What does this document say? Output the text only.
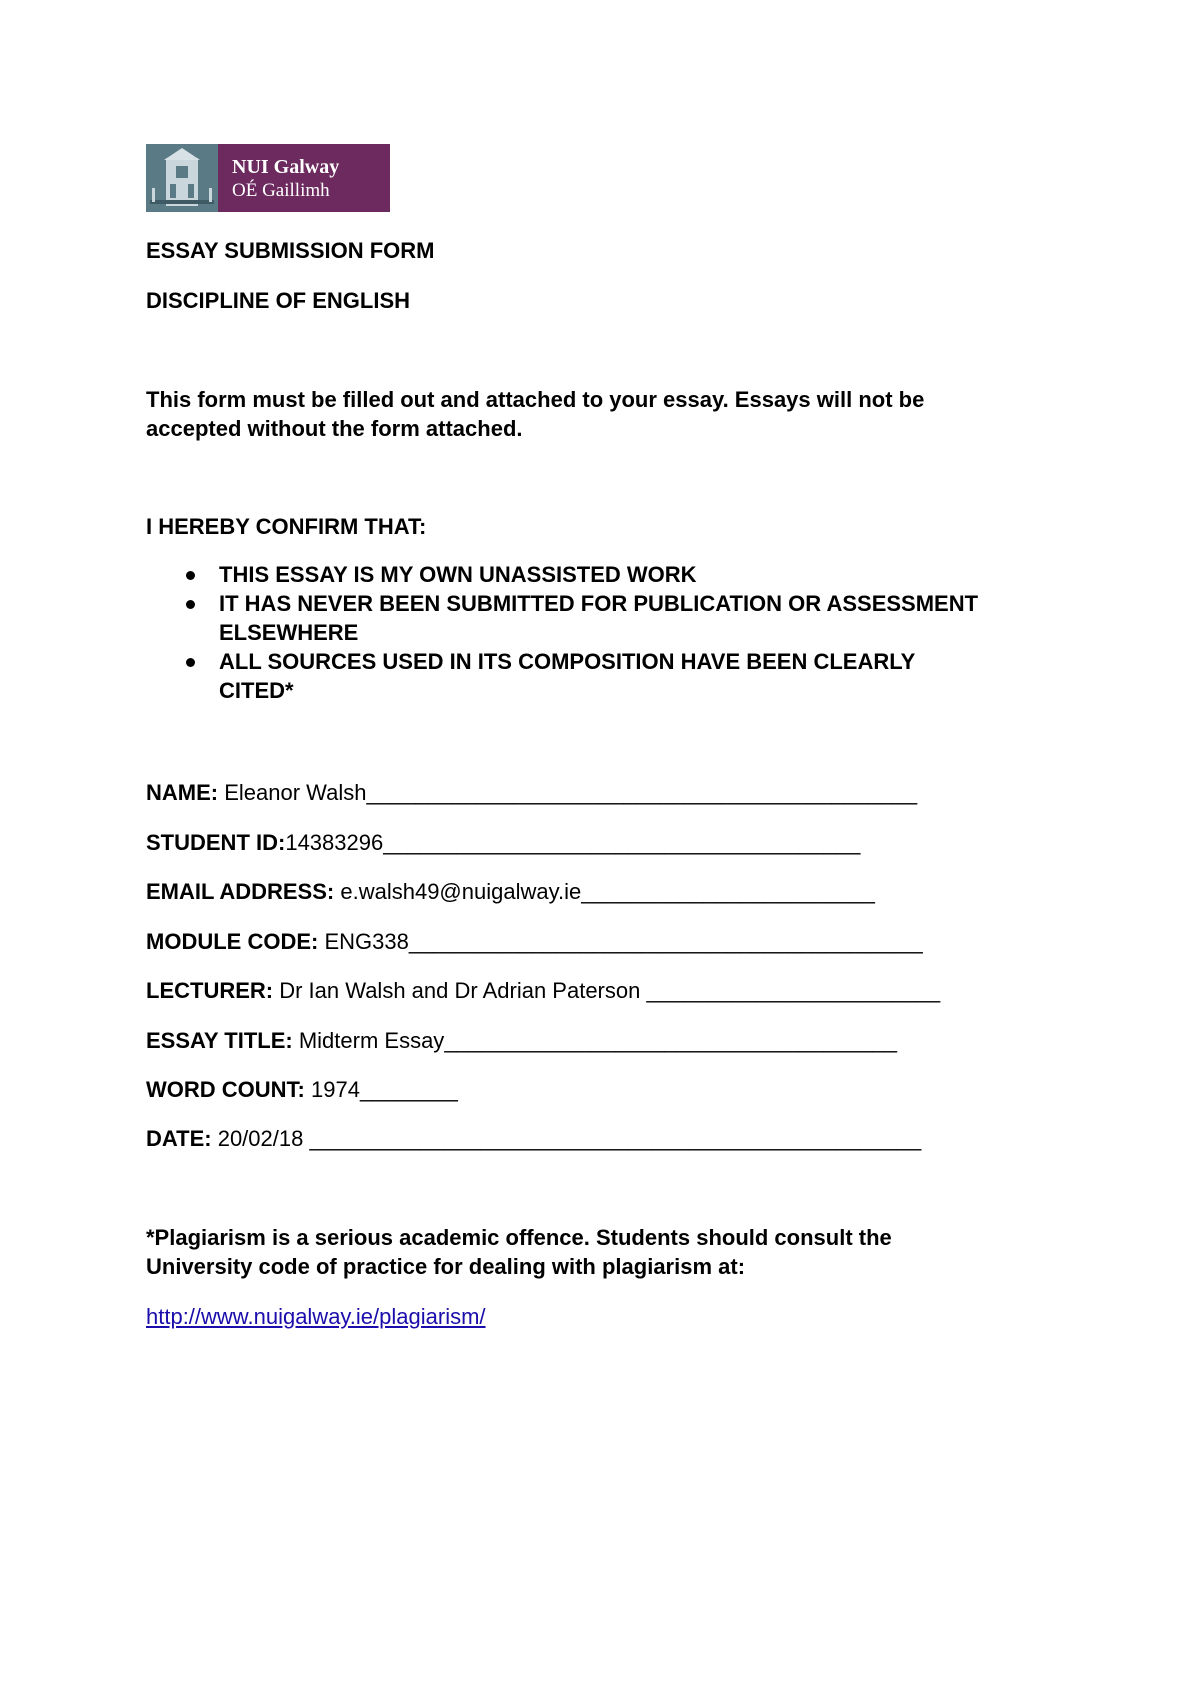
NUI Galway
OÉ Gaillimh
ESSAY SUBMISSION FORM
DISCIPLINE OF ENGLISH
This form must be filled out and attached to your essay. Essays will not be
accepted without the form attached.
I HEREBY CONFIRM THAT:
THIS ESSAY IS MY OWN UNASSISTED WORK
IT HAS NEVER BEEN SUBMITTED FOR PUBLICATION OR ASSESSMENT
ELSEWHERE
ALL SOURCES USED IN ITS COMPOSITION HAVE BEEN CLEARLY
CITED*
NAME: Eleanor Walsh_____________________________________________
STUDENT ID:14383296_______________________________________
EMAIL ADDRESS: e.walsh49@nuigalway.ie________________________
MODULE CODE: ENG338__________________________________________
LECTURER: Dr Ian Walsh and Dr Adrian Paterson ________________________
ESSAY TITLE: Midterm Essay_____________________________________
WORD COUNT: 1974________
DATE: 20/02/18 __________________________________________________
*Plagiarism is a serious academic offence. Students should consult the
University code of practice for dealing with plagiarism at:
http://www.nuigalway.ie/plagiarism/
